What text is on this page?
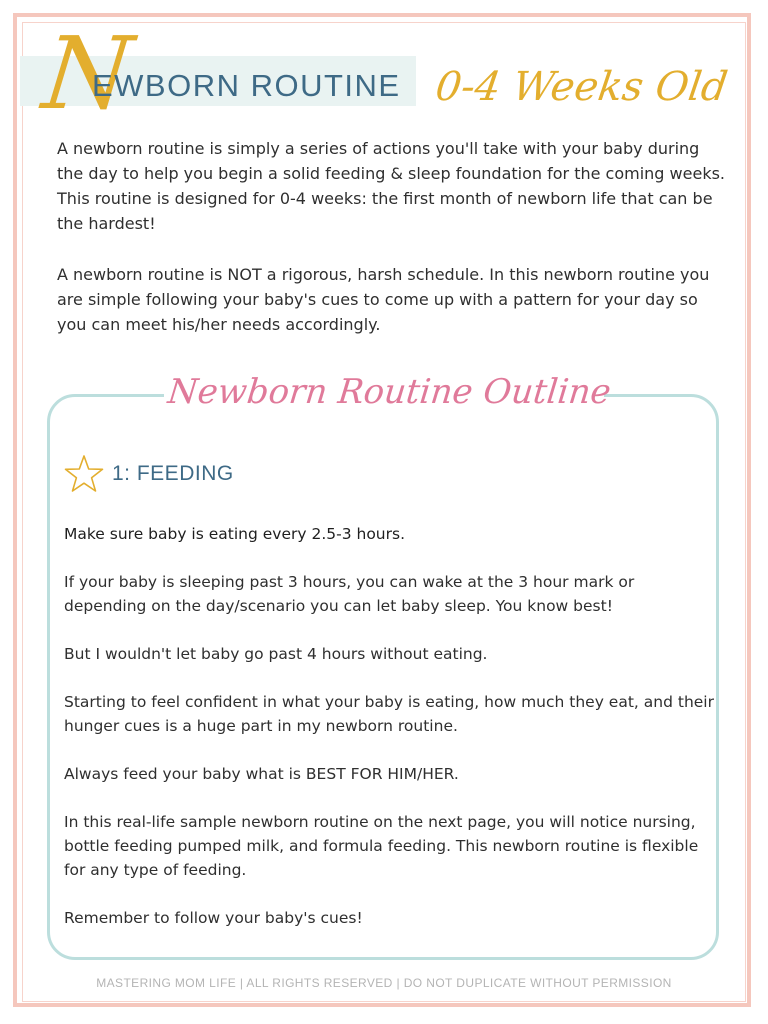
N
EWBORN ROUTINE 0-4 Weeks Old

A newborn routine is simply a series of actions you'll take with your baby during the day to help you begin a solid feeding & sleep foundation for the coming weeks. This routine is designed for 0-4 weeks: the first month of newborn life that can be the hardest!

A newborn routine is NOT a rigorous, harsh schedule. In this newborn routine you are simple following your baby's cues to come up with a pattern for your day so you can meet his/her needs accordingly.

Newborn Routine Outline
1: FEEDING

Make sure baby is eating every 2.5-3 hours.

If your baby is sleeping past 3 hours, you can wake at the 3 hour mark or depending on the day/scenario you can let baby sleep. You know best!

But I wouldn't let baby go past 4 hours without eating.

Starting to feel confident in what your baby is eating, how much they eat, and their hunger cues is a huge part in my newborn routine.

Always feed your baby what is BEST FOR HIM/HER.

In this real-life sample newborn routine on the next page, you will notice nursing, bottle feeding pumped milk, and formula feeding. This newborn routine is flexible for any type of feeding.

Remember to follow your baby's cues!

MASTERING MOM LIFE | ALL RIGHTS RESERVED | DO NOT DUPLICATE WITHOUT PERMISSION
